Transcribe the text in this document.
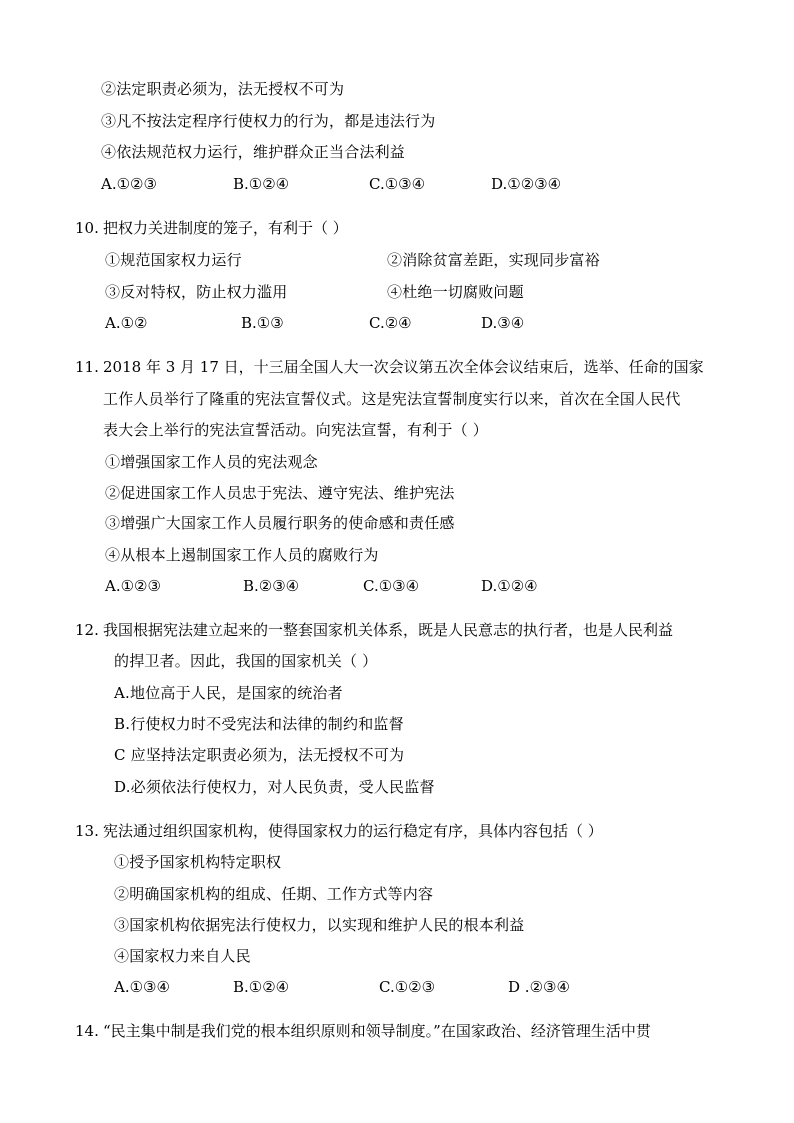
②法定职责必须为，法无授权不可为
③凡不按法定程序行使权力的行为，都是违法行为
④依法规范权力运行，维护群众正当合法利益
A.①②③	B.①②④	C.①③④	D.①②③④
10. 把权力关进制度的笼子，有利于（ ）
①规范国家权力运行	②消除贫富差距，实现同步富裕
③反对特权，防止权力滥用	④杜绝一切腐败问题
A.①②	B.①③	C.②④	D.③④
11. 2018 年 3 月 17 日，十三届全国人大一次会议第五次全体会议结束后，选举、任命的国家
工作人员举行了隆重的宪法宣誓仪式。这是宪法宣誓制度实行以来，首次在全国人民代
表大会上举行的宪法宣誓活动。向宪法宣誓，有利于（ ）
①增强国家工作人员的宪法观念
②促进国家工作人员忠于宪法、遵守宪法、维护宪法
③增强广大国家工作人员履行职务的使命感和责任感
④从根本上遏制国家工作人员的腐败行为
A.①②③	B.②③④	C.①③④	D.①②④
12. 我国根据宪法建立起来的一整套国家机关体系，既是人民意志的执行者，也是人民利益
的捍卫者。因此，我国的国家机关（ ）
A.地位高于人民，是国家的统治者
B.行使权力时不受宪法和法律的制约和监督
C 应坚持法定职责必须为，法无授权不可为
D.必须依法行使权力，对人民负责，受人民监督
13. 宪法通过组织国家机构，使得国家权力的运行稳定有序，具体内容包括（ ）
①授予国家机构特定职权
②明确国家机构的组成、任期、工作方式等内容
③国家机构依据宪法行使权力，以实现和维护人民的根本利益
④国家权力来自人民
A.①③④	B.①②④	C.①②③	D .②③④
14. “民主集中制是我们党的根本组织原则和领导制度。”在国家政治、经济管理生活中贯
